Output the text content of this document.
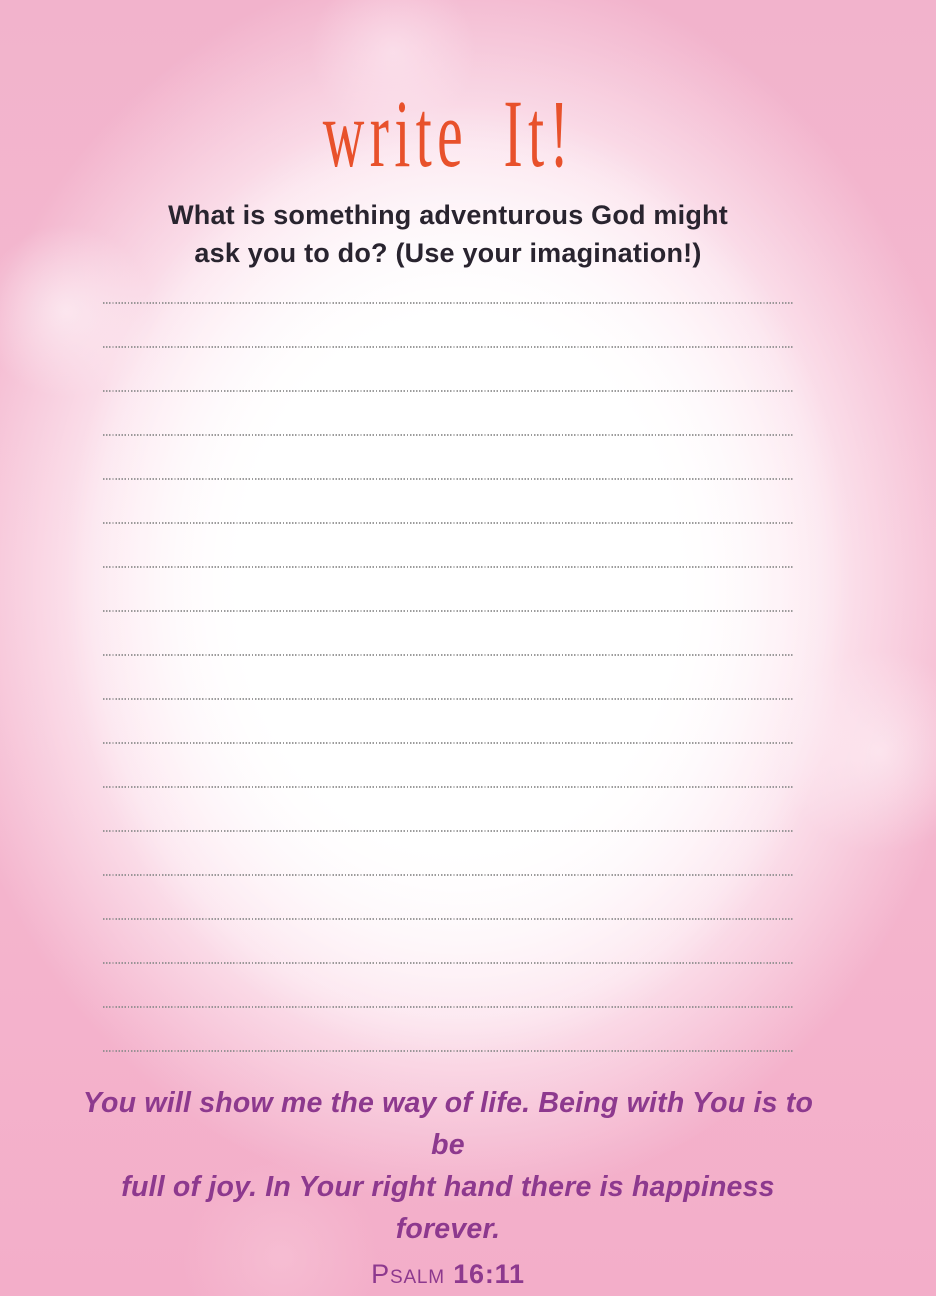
write It!
What is something adventurous God might
ask you to do? (Use your imagination!)
You will show me the way of life. Being with You is to be
full of joy. In Your right hand there is happiness forever.
Psalm 16:11
